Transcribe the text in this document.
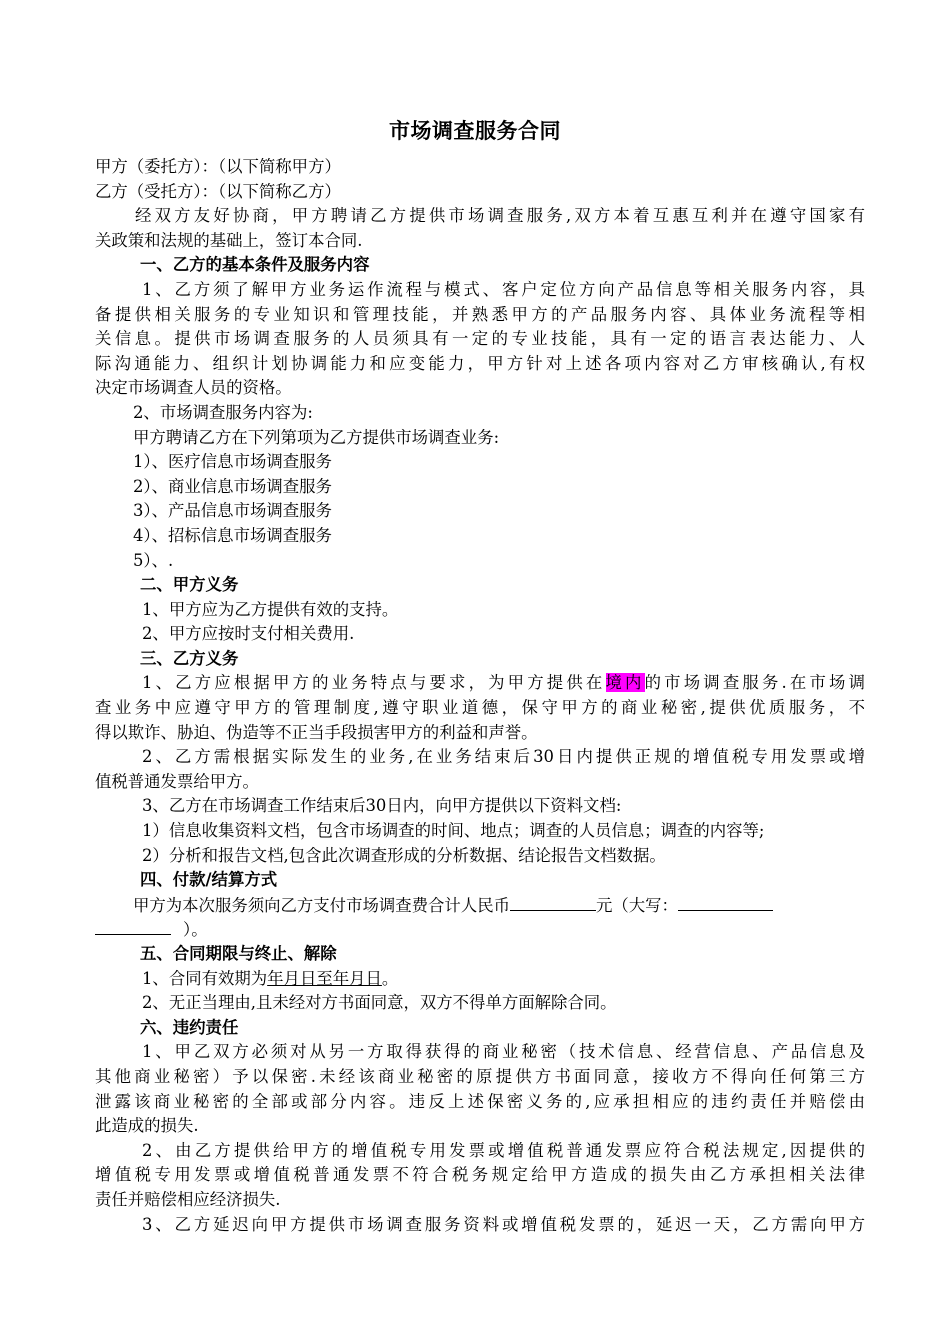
市场调查服务合同
甲方（委托方）：（以下简称甲方）
乙方（受托方）：（以下简称乙方）
经双方友好协商，甲方聘请乙方提供市场调查服务,双方本着互惠互利并在遵守国家有
关政策和法规的基础上，签订本合同.
一、乙方的基本条件及服务内容
1、乙方须了解甲方业务运作流程与模式、客户定位方向产品信息等相关服务内容，具
备提供相关服务的专业知识和管理技能，并熟悉甲方的产品服务内容、具体业务流程等相
关信息。提供市场调查服务的人员须具有一定的专业技能，具有一定的语言表达能力、人
际沟通能力、组织计划协调能力和应变能力，甲方针对上述各项内容对乙方审核确认,有权
决定市场调查人员的资格。
2、市场调查服务内容为:
甲方聘请乙方在下列第项为乙方提供市场调查业务:
1）、医疗信息市场调查服务
2）、商业信息市场调查服务
3）、产品信息市场调查服务
4）、招标信息市场调查服务
5）、.
二、甲方义务
1、甲方应为乙方提供有效的支持。
2、甲方应按时支付相关费用.
三、乙方义务
1、乙方应根据甲方的业务特点与要求，为甲方提供在境内的市场调查服务.在市场调
查业务中应遵守甲方的管理制度,遵守职业道德，保守甲方的商业秘密,提供优质服务，不
得以欺诈、胁迫、伪造等不正当手段损害甲方的利益和声誉。
2、乙方需根据实际发生的业务,在业务结束后30日内提供正规的增值税专用发票或增
值税普通发票给甲方。
3、乙方在市场调查工作结束后30日内，向甲方提供以下资料文档:
1）信息收集资料文档，包含市场调查的时间、地点；调查的人员信息；调查的内容等;
2）分析和报告文档,包含此次调查形成的分析数据、结论报告文档数据。
四、付款/结算方式
甲方为本次服务须向乙方支付市场调查费合计人民币	元（大写：
）。
五、合同期限与终止、解除
1、合同有效期为年月日至年月日。
2、无正当理由,且未经对方书面同意，双方不得单方面解除合同。
六、违约责任
1、甲乙双方必须对从另一方取得获得的商业秘密（技术信息、经营信息、产品信息及
其他商业秘密）予以保密.未经该商业秘密的原提供方书面同意，接收方不得向任何第三方
泄露该商业秘密的全部或部分内容。违反上述保密义务的,应承担相应的违约责任并赔偿由
此造成的损失.
2、由乙方提供给甲方的增值税专用发票或增值税普通发票应符合税法规定,因提供的
增值税专用发票或增值税普通发票不符合税务规定给甲方造成的损失由乙方承担相关法律
责任并赔偿相应经济损失.
3、乙方延迟向甲方提供市场调查服务资料或增值税发票的，延迟一天，乙方需向甲方
